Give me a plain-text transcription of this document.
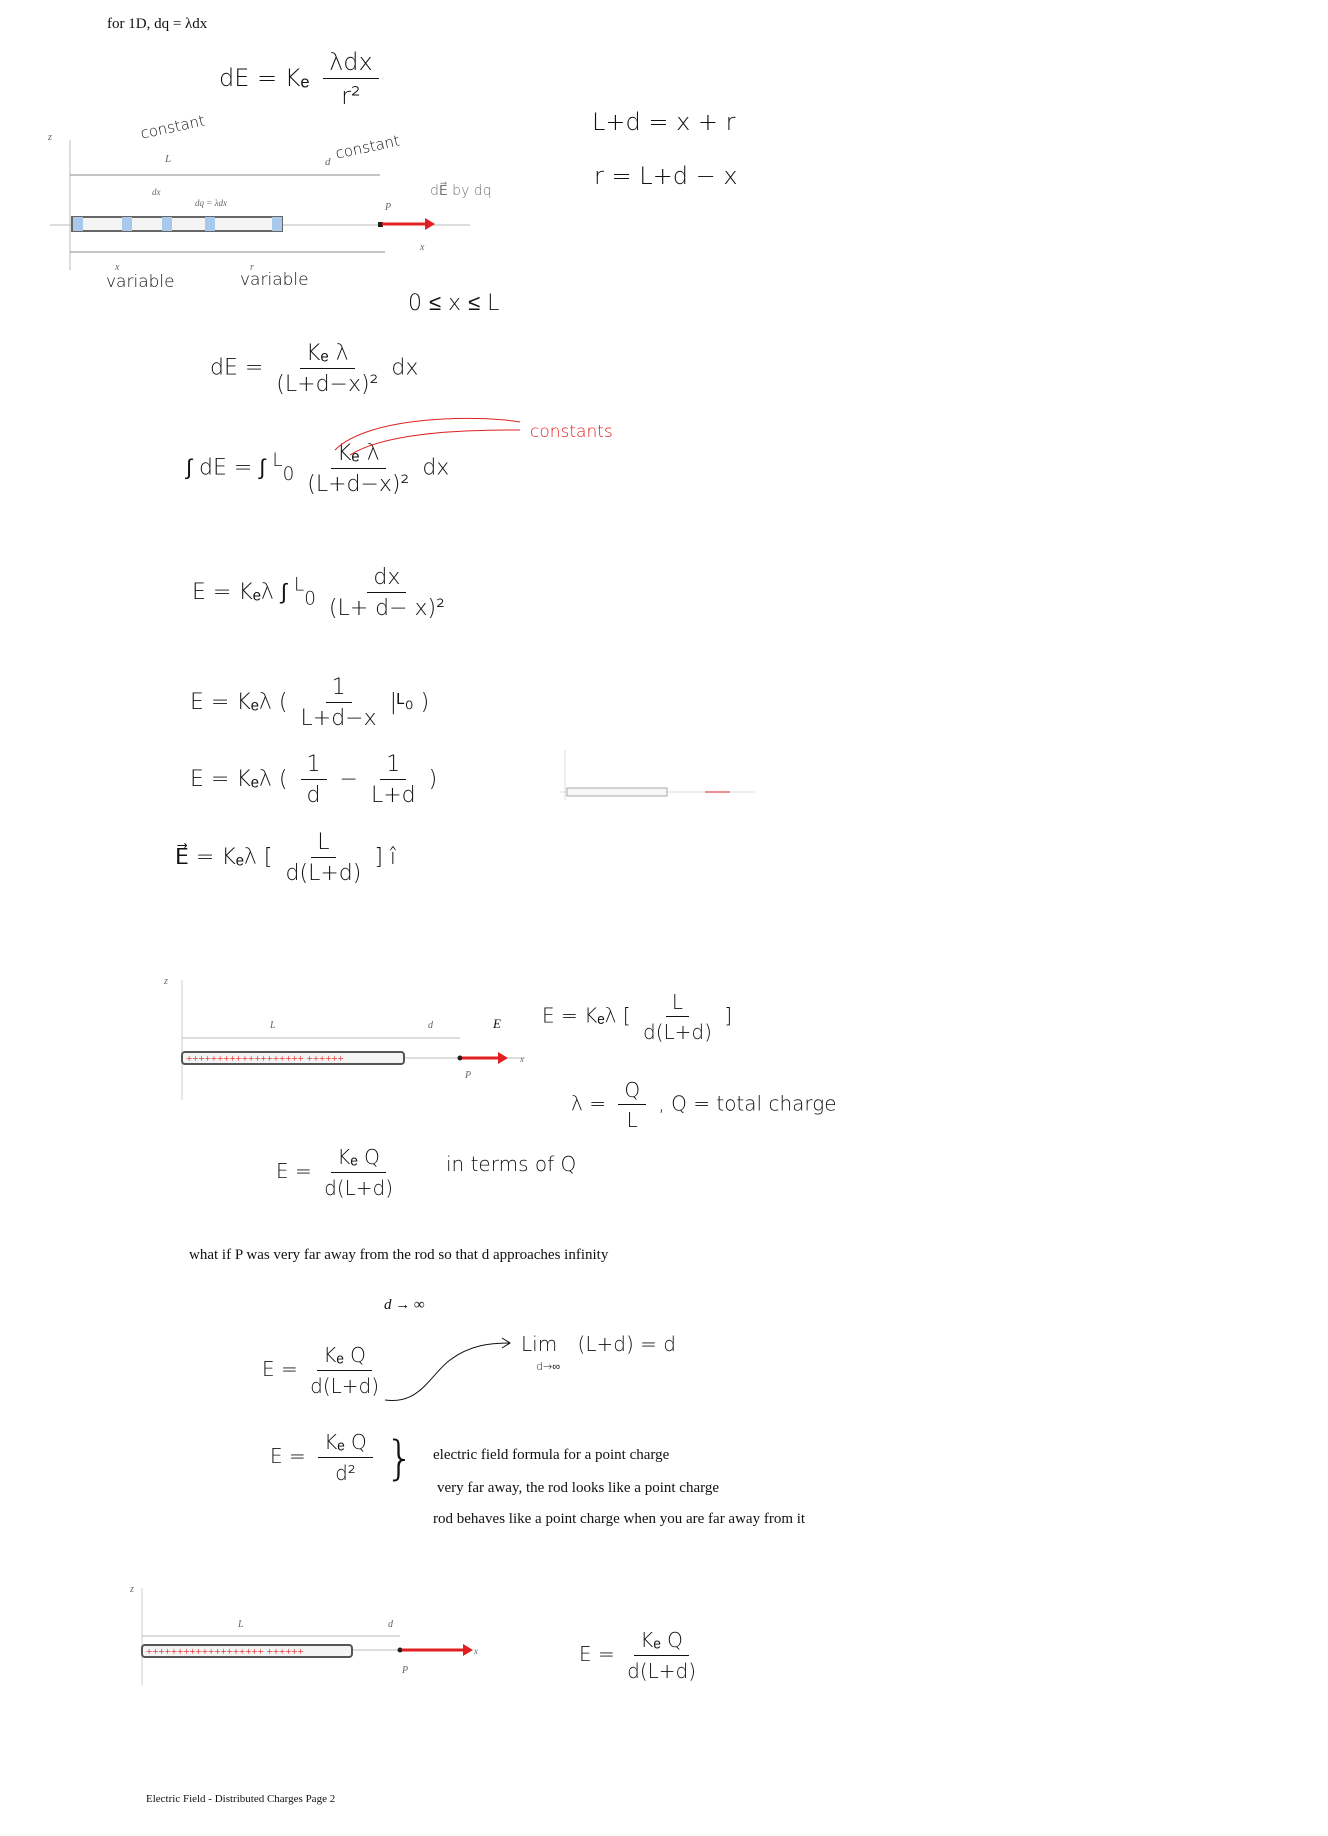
for 1D, dq = λdx
dE = Kₑ $\frac{\text{λdx}}{\text{r²}}$
L+d = x + r
r = L+d − x
z
L	d
dx
dq = λdx	P
x
x	r
constant
constant
dE⃗ by dq
variable	variable
0 ≤ x ≤ L
dE = $\frac{\text{Kₑ λ}}{\text{(L+d−x)²}}$ dx
∫ dE = ∫ $^L_0 \frac{\text{Kₑ λ}}{\text{(L+d−x)²}}$ dx
constants
E = Kₑλ ∫ $^L_0 \frac{dx}{\text{(L+ d− x)²}}$
E = Kₑλ ( $\frac{1}{L+d-x}$ |ᴸ₀ )
E = Kₑλ ( $\frac{1}{d} - \frac{1}{L+d}$ )
E⃗ = Kₑλ [ $\frac{L}{d(L+d)}$ ] î
z
+++++++++++++++++++ ++++++
L	d	E
P
x
E = Kₑλ [ $\frac{L}{d(L+d)}$ ]
$\lambda = \frac{Q}{L}$ , Q = total charge
$E = \frac{\text{Kₑ Q}}{d(L+d)}$	in terms of Q
what if P was very far away from the rod so that d approaches infinity
d → ∞
$E = \frac{\text{Kₑ Q}}{d(L+d)}$	Lim (L+d) = d
d→∞
$E = \frac{\text{Kₑ Q}}{\text{d²}}$ } electric field formula for a point charge
very far away, the rod looks like a point charge
rod behaves like a point charge when you are far away from it
z
+++++++++++++++++++ ++++++
L	d
P
x	$E = \frac{\text{Kₑ Q}}{d(L+d)}$
Electric Field - Distributed Charges Page 2
